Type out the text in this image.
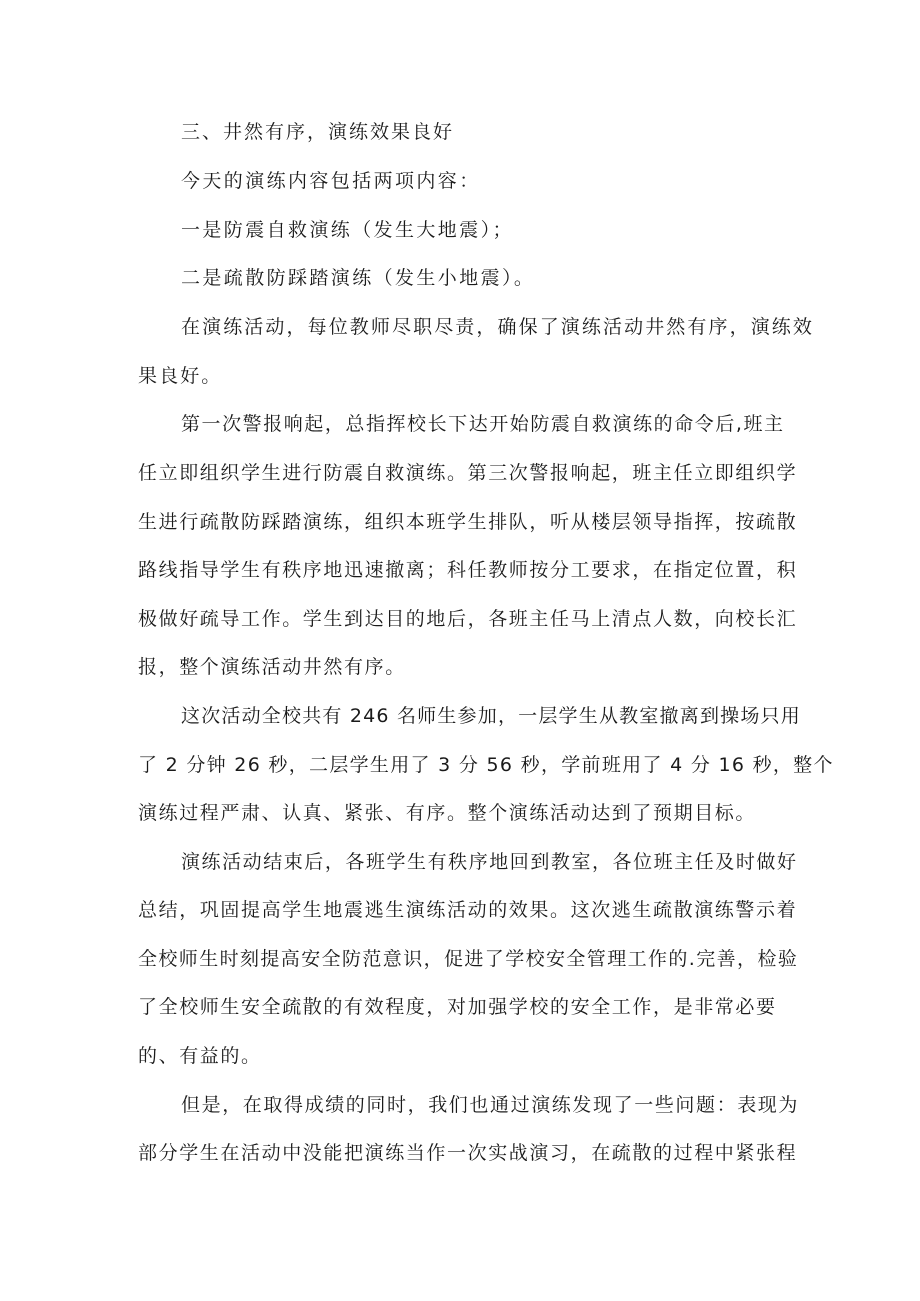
三、井然有序，演练效果良好
今天的演练内容包括两项内容：
一是防震自救演练（发生大地震）；
二是疏散防踩踏演练（发生小地震）。
在演练活动，每位教师尽职尽责，确保了演练活动井然有序，演练效
果良好。
第一次警报响起，总指挥校长下达开始防震自救演练的命令后,班主
任立即组织学生进行防震自救演练。第三次警报响起，班主任立即组织学
生进行疏散防踩踏演练，组织本班学生排队，听从楼层领导指挥，按疏散
路线指导学生有秩序地迅速撤离；科任教师按分工要求，在指定位置，积
极做好疏导工作。学生到达目的地后，各班主任马上清点人数，向校长汇
报，整个演练活动井然有序。
这次活动全校共有 246 名师生参加，一层学生从教室撤离到操场只用
了 2 分钟 26 秒，二层学生用了 3 分 56 秒，学前班用了 4 分 16 秒，整个
演练过程严肃、认真、紧张、有序。整个演练活动达到了预期目标。
演练活动结束后，各班学生有秩序地回到教室，各位班主任及时做好
总结，巩固提高学生地震逃生演练活动的效果。这次逃生疏散演练警示着
全校师生时刻提高安全防范意识，促进了学校安全管理工作的.完善，检验
了全校师生安全疏散的有效程度，对加强学校的安全工作，是非常必要
的、有益的。
但是，在取得成绩的同时，我们也通过演练发现了一些问题：表现为
部分学生在活动中没能把演练当作一次实战演习，在疏散的过程中紧张程
